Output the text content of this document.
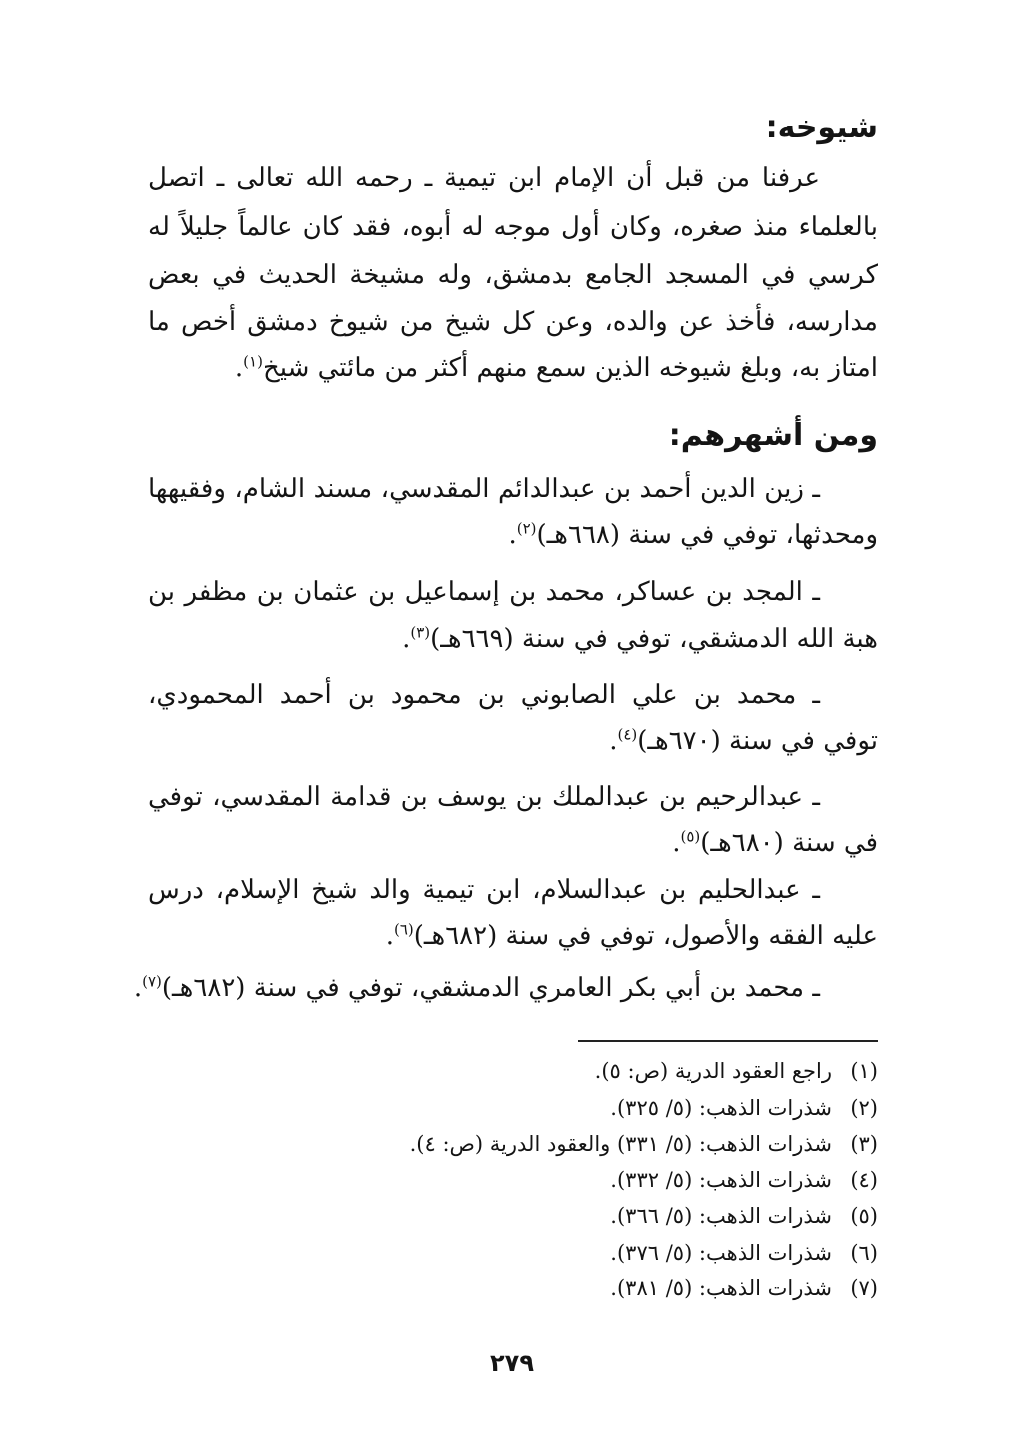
شيوخه:
عرفنا من قبل أن الإمام ابن تيمية ـ رحمه الله تعالى ـ اتصل
بالعلماء منذ صغره، وكان أول موجه له أبوه، فقد كان عالماً جليلاً له
كرسي في المسجد الجامع بدمشق، وله مشيخة الحديث في بعض
مدارسه، فأخذ عن والده، وعن كل شيخ من شيوخ دمشق أخص ما
امتاز به، وبلغ شيوخه الذين سمع منهم أكثر من مائتي شيخ$^{(١)}$.
ومن أشهرهم:
ـ زين الدين أحمد بن عبدالدائم المقدسي، مسند الشام، وفقيهها
ومحدثها، توفي في سنة (٦٦٨هـ)$^{(٢)}$.
ـ المجد بن عساكر، محمد بن إسماعيل بن عثمان بن مظفر بن
هبة الله الدمشقي، توفي في سنة (٦٦٩هـ)$^{(٣)}$.
ـ محمد بن علي الصابوني بن محمود بن أحمد المحمودي،
توفي في سنة (٦٧٠هـ)$^{(٤)}$.
ـ عبدالرحيم بن عبدالملك بن يوسف بن قدامة المقدسي، توفي
في سنة (٦٨٠هـ)$^{(٥)}$.
ـ عبدالحليم بن عبدالسلام، ابن تيمية والد شيخ الإسلام، درس
عليه الفقه والأصول، توفي في سنة (٦٨٢هـ)$^{(٦)}$.
ـ محمد بن أبي بكر العامري الدمشقي، توفي في سنة (٦٨٢هـ)$^{(٧)}$.
(١)راجع العقود الدرية (ص: ٥).
(٢)شذرات الذهب: (٥/ ٣٢٥).
(٣)شذرات الذهب: (٥/ ٣٣١) والعقود الدرية (ص: ٤).
(٤)شذرات الذهب: (٥/ ٣٣٢).
(٥)شذرات الذهب: (٥/ ٣٦٦).
(٦)شذرات الذهب: (٥/ ٣٧٦).
(٧)شذرات الذهب: (٥/ ٣٨١).
٢٧٩
